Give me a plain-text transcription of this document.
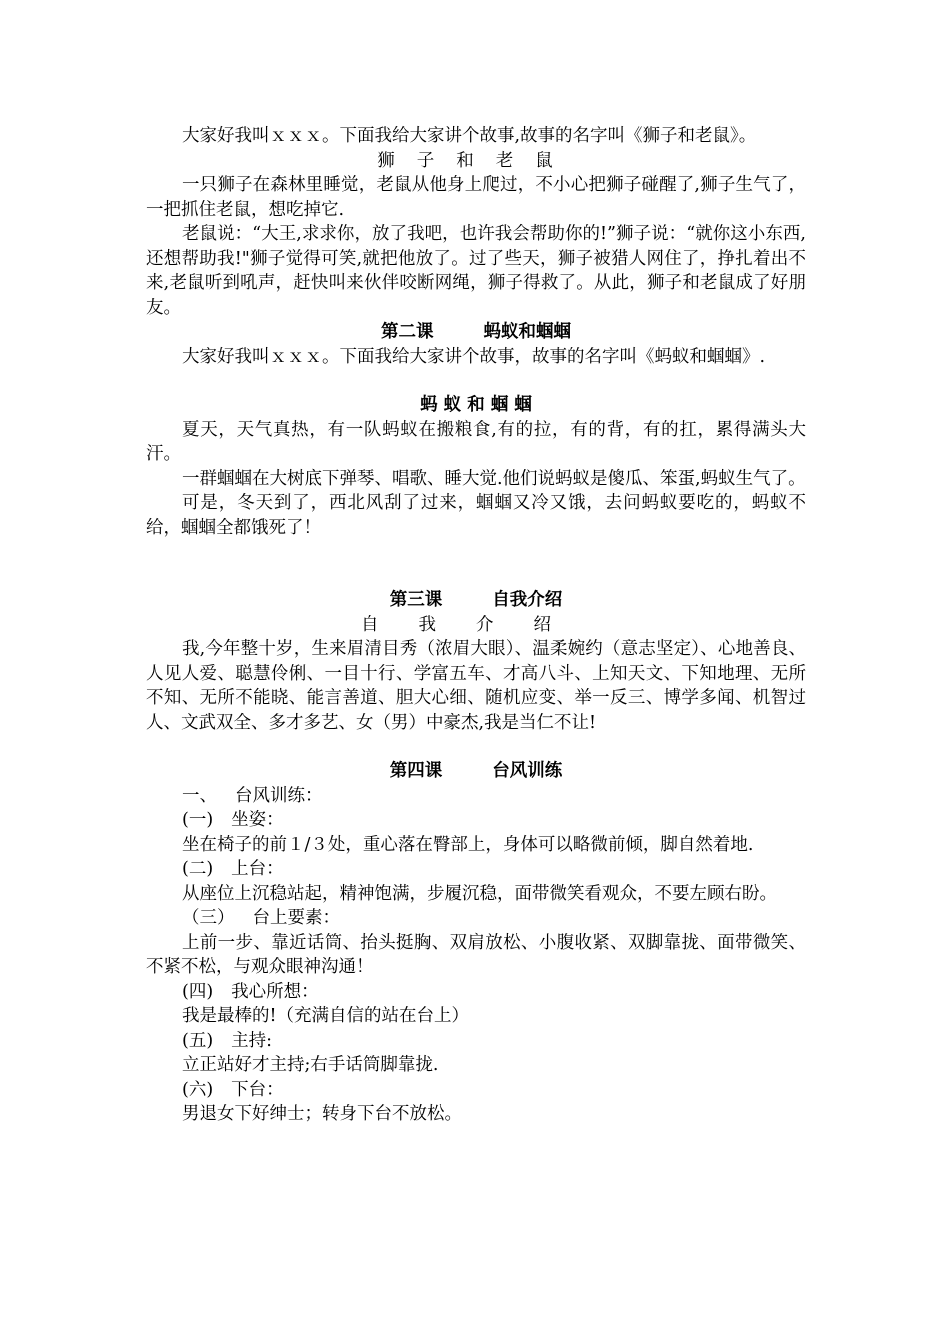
大家好我叫ｘｘｘ。下面我给大家讲个故事,故事的名字叫《狮子和老鼠》。

狮子和老鼠

一只狮子在森林里睡觉，老鼠从他身上爬过，不小心把狮子碰醒了,狮子生气了，一把抓住老鼠，想吃掉它.

老鼠说：“大王,求求你，放了我吧，也许我会帮助你的!”狮子说：“就你这小东西,还想帮助我!"狮子觉得可笑,就把他放了。过了些天，狮子被猎人网住了，挣扎着出不来,老鼠听到吼声，赶快叫来伙伴咬断网绳，狮子得救了。从此，狮子和老鼠成了好朋友。

第二课	蚂蚁和蝈蝈

大家好我叫ｘｘｘ。下面我给大家讲个故事，故事的名字叫《蚂蚁和蝈蝈》.

蚂 蚁 和 蝈 蝈

夏天，天气真热，有一队蚂蚁在搬粮食,有的拉，有的背，有的扛，累得满头大汗。

一群蝈蝈在大树底下弹琴、唱歌、睡大觉.他们说蚂蚁是傻瓜、笨蛋,蚂蚁生气了。

可是，冬天到了，西北风刮了过来，蝈蝈又冷又饿，去问蚂蚁要吃的，蚂蚁不给，蝈蝈全都饿死了！

第三课	自我介绍

自我介绍

我,今年整十岁，生来眉清目秀（浓眉大眼）、温柔婉约（意志坚定）、心地善良、人见人爱、聪慧伶俐、一目十行、学富五车、才高八斗、上知天文、下知地理、无所不知、无所不能晓、能言善道、胆大心细、随机应变、举一反三、博学多闻、机智过人、文武双全、多才多艺、女（男）中豪杰,我是当仁不让!

第四课	台风训练
一、 台风训练：
(一) 坐姿：

坐在椅子的前１/３处，重心落在臀部上，身体可以略微前倾，脚自然着地.

(二) 上台：

从座位上沉稳站起，精神饱满，步履沉稳，面带微笑看观众，不要左顾右盼。

（三） 台上要素：

上前一步、靠近话筒、抬头挺胸、双肩放松、小腹收紧、双脚靠拢、面带微笑、不紧不松，与观众眼神沟通！

(四) 我心所想：

我是最棒的!（充满自信的站在台上）

(五) 主持:

立正站好才主持;右手话筒脚靠拢.

(六) 下台：

男退女下好绅士；转身下台不放松。
